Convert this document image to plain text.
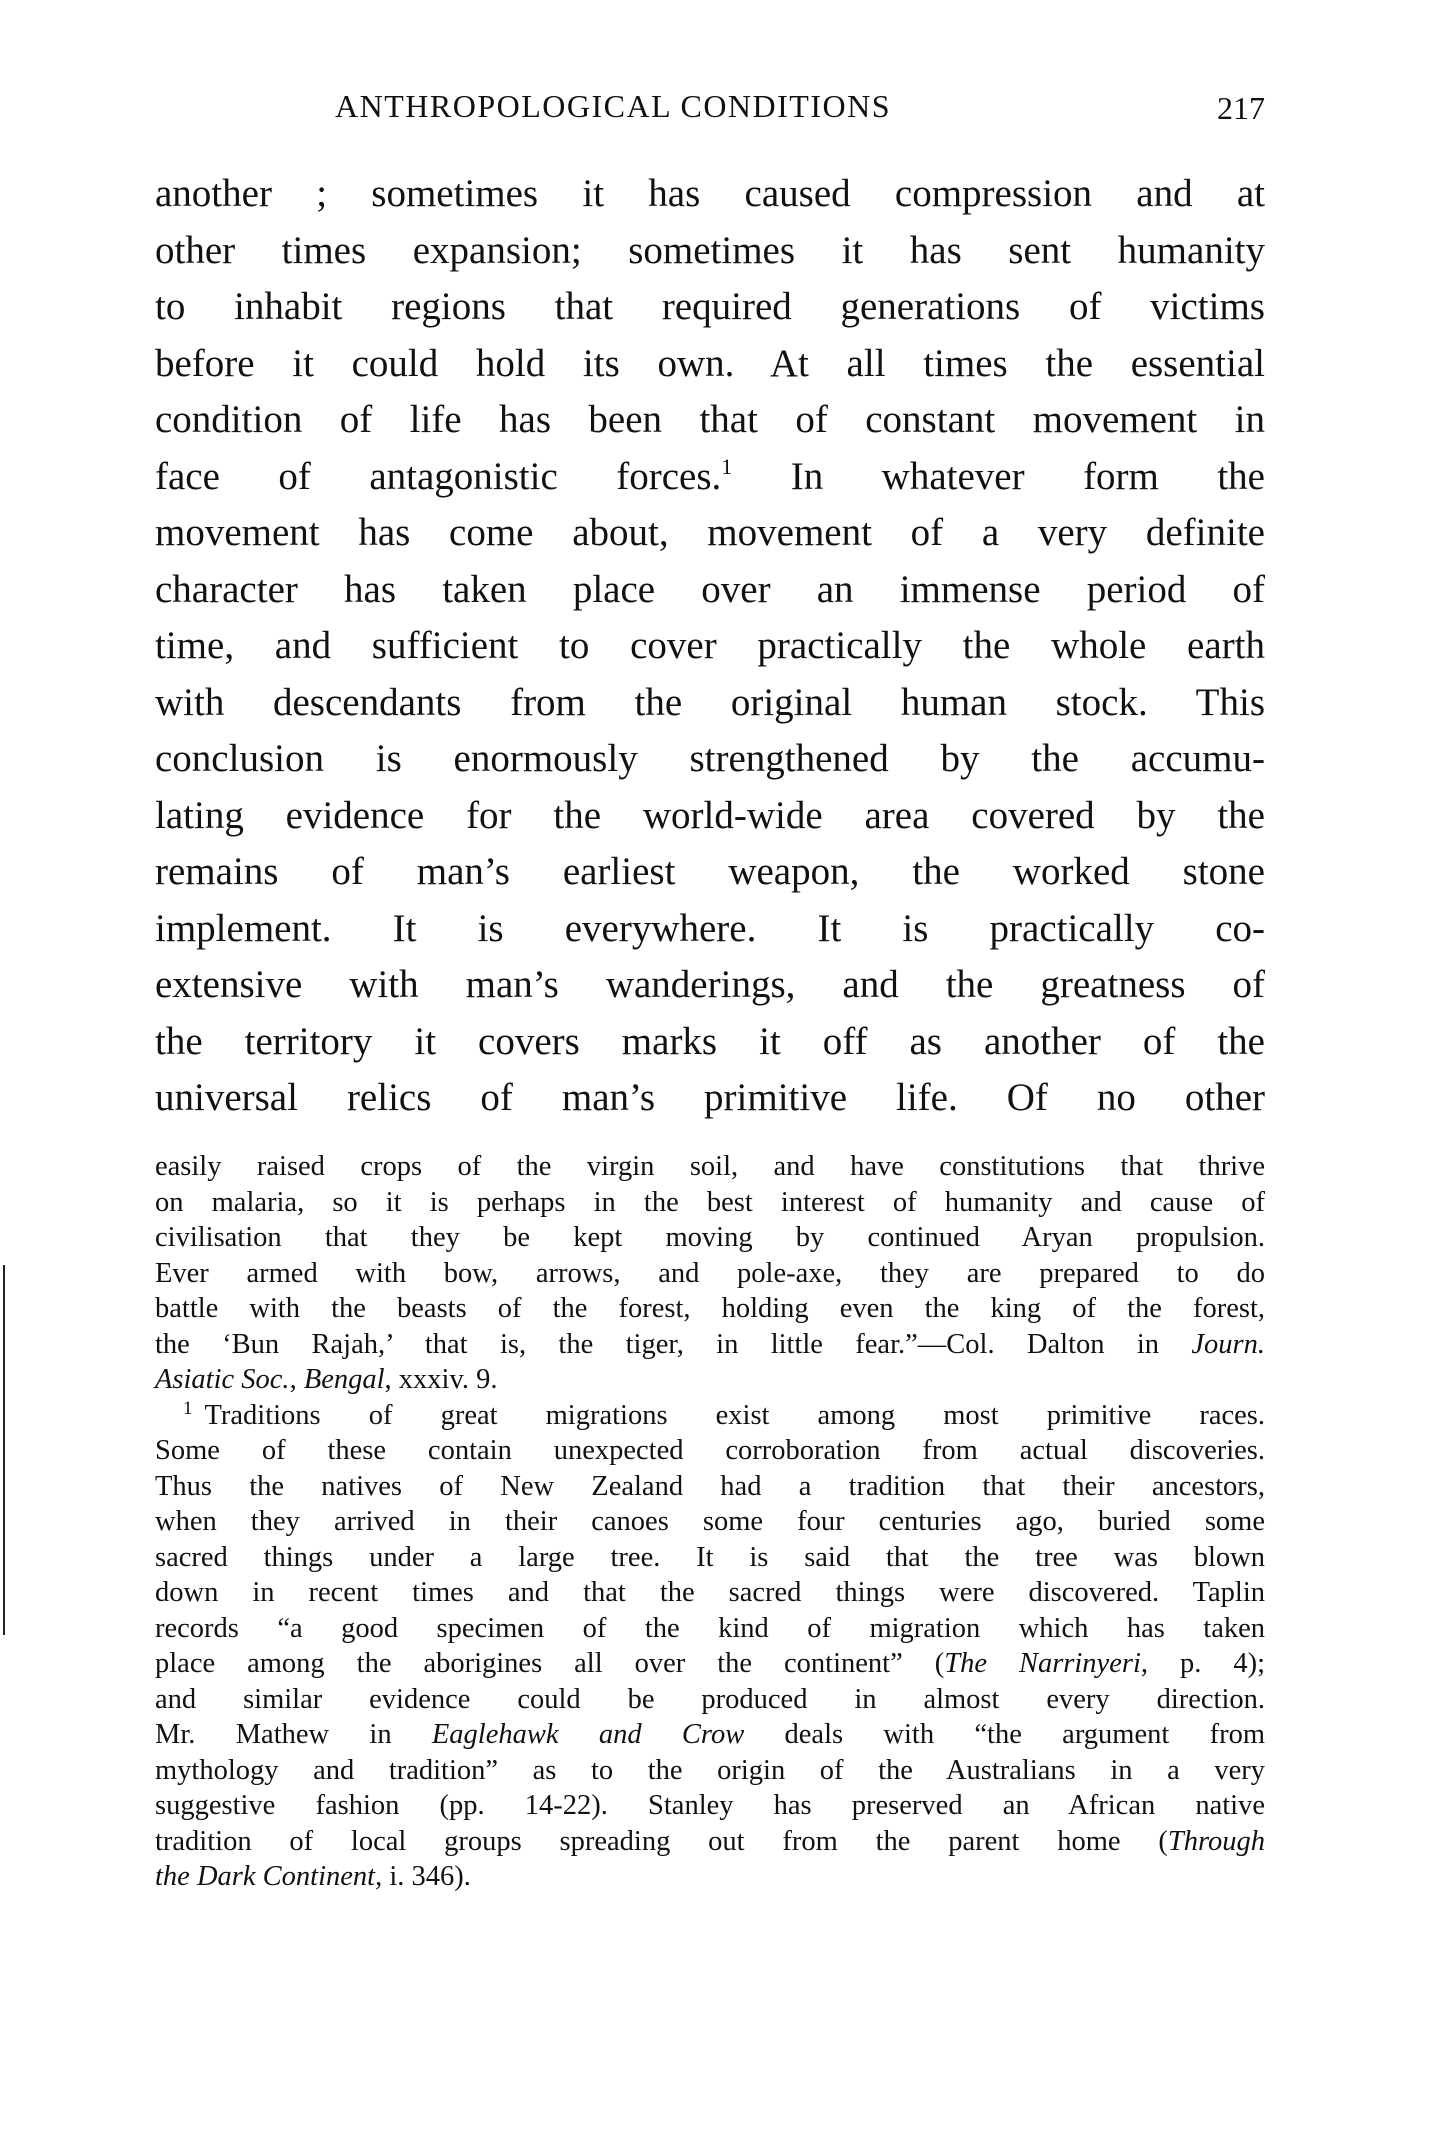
ANTHROPOLOGICAL CONDITIONS	217
another ; sometimes it has caused compression and at
other times expansion; sometimes it has sent humanity
to inhabit regions that required generations of victims
before it could hold its own. At all times the essential
condition of life has been that of constant movement in
face of antagonistic forces.$^1$ In whatever form the
movement has come about, movement of a very definite
character has taken place over an immense period of
time, and sufficient to cover practically the whole earth
with descendants from the original human stock. This
conclusion is enormously strengthened by the accumu-
lating evidence for the world-wide area covered by the
remains of man’s earliest weapon, the worked stone
implement. It is everywhere. It is practically co-
extensive with man’s wanderings, and the greatness of
the territory it covers marks it off as another of the
universal relics of man’s primitive life. Of no other
easily raised crops of the virgin soil, and have constitutions that thrive
on malaria, so it is perhaps in the best interest of humanity and cause of
civilisation that they be kept moving by continued Aryan propulsion.
Ever armed with bow, arrows, and pole-axe, they are prepared to do
battle with the beasts of the forest, holding even the king of the forest,
the ‘Bun Rajah,’ that is, the tiger, in little fear.”—Col. Dalton in Journ.
Asiatic Soc., Bengal, xxxiv. 9.
$^1$ Traditions of great migrations exist among most primitive races.
Some of these contain unexpected corroboration from actual discoveries.
Thus the natives of New Zealand had a tradition that their ancestors,
when they arrived in their canoes some four centuries ago, buried some
sacred things under a large tree. It is said that the tree was blown
down in recent times and that the sacred things were discovered. Taplin
records “a good specimen of the kind of migration which has taken
place among the aborigines all over the continent” (The Narrinyeri, p. 4);
and similar evidence could be produced in almost every direction.
Mr. Mathew in Eaglehawk and Crow deals with “the argument from
mythology and tradition” as to the origin of the Australians in a very
suggestive fashion (pp. 14-22). Stanley has preserved an African native
tradition of local groups spreading out from the parent home (Through
the Dark Continent, i. 346).
